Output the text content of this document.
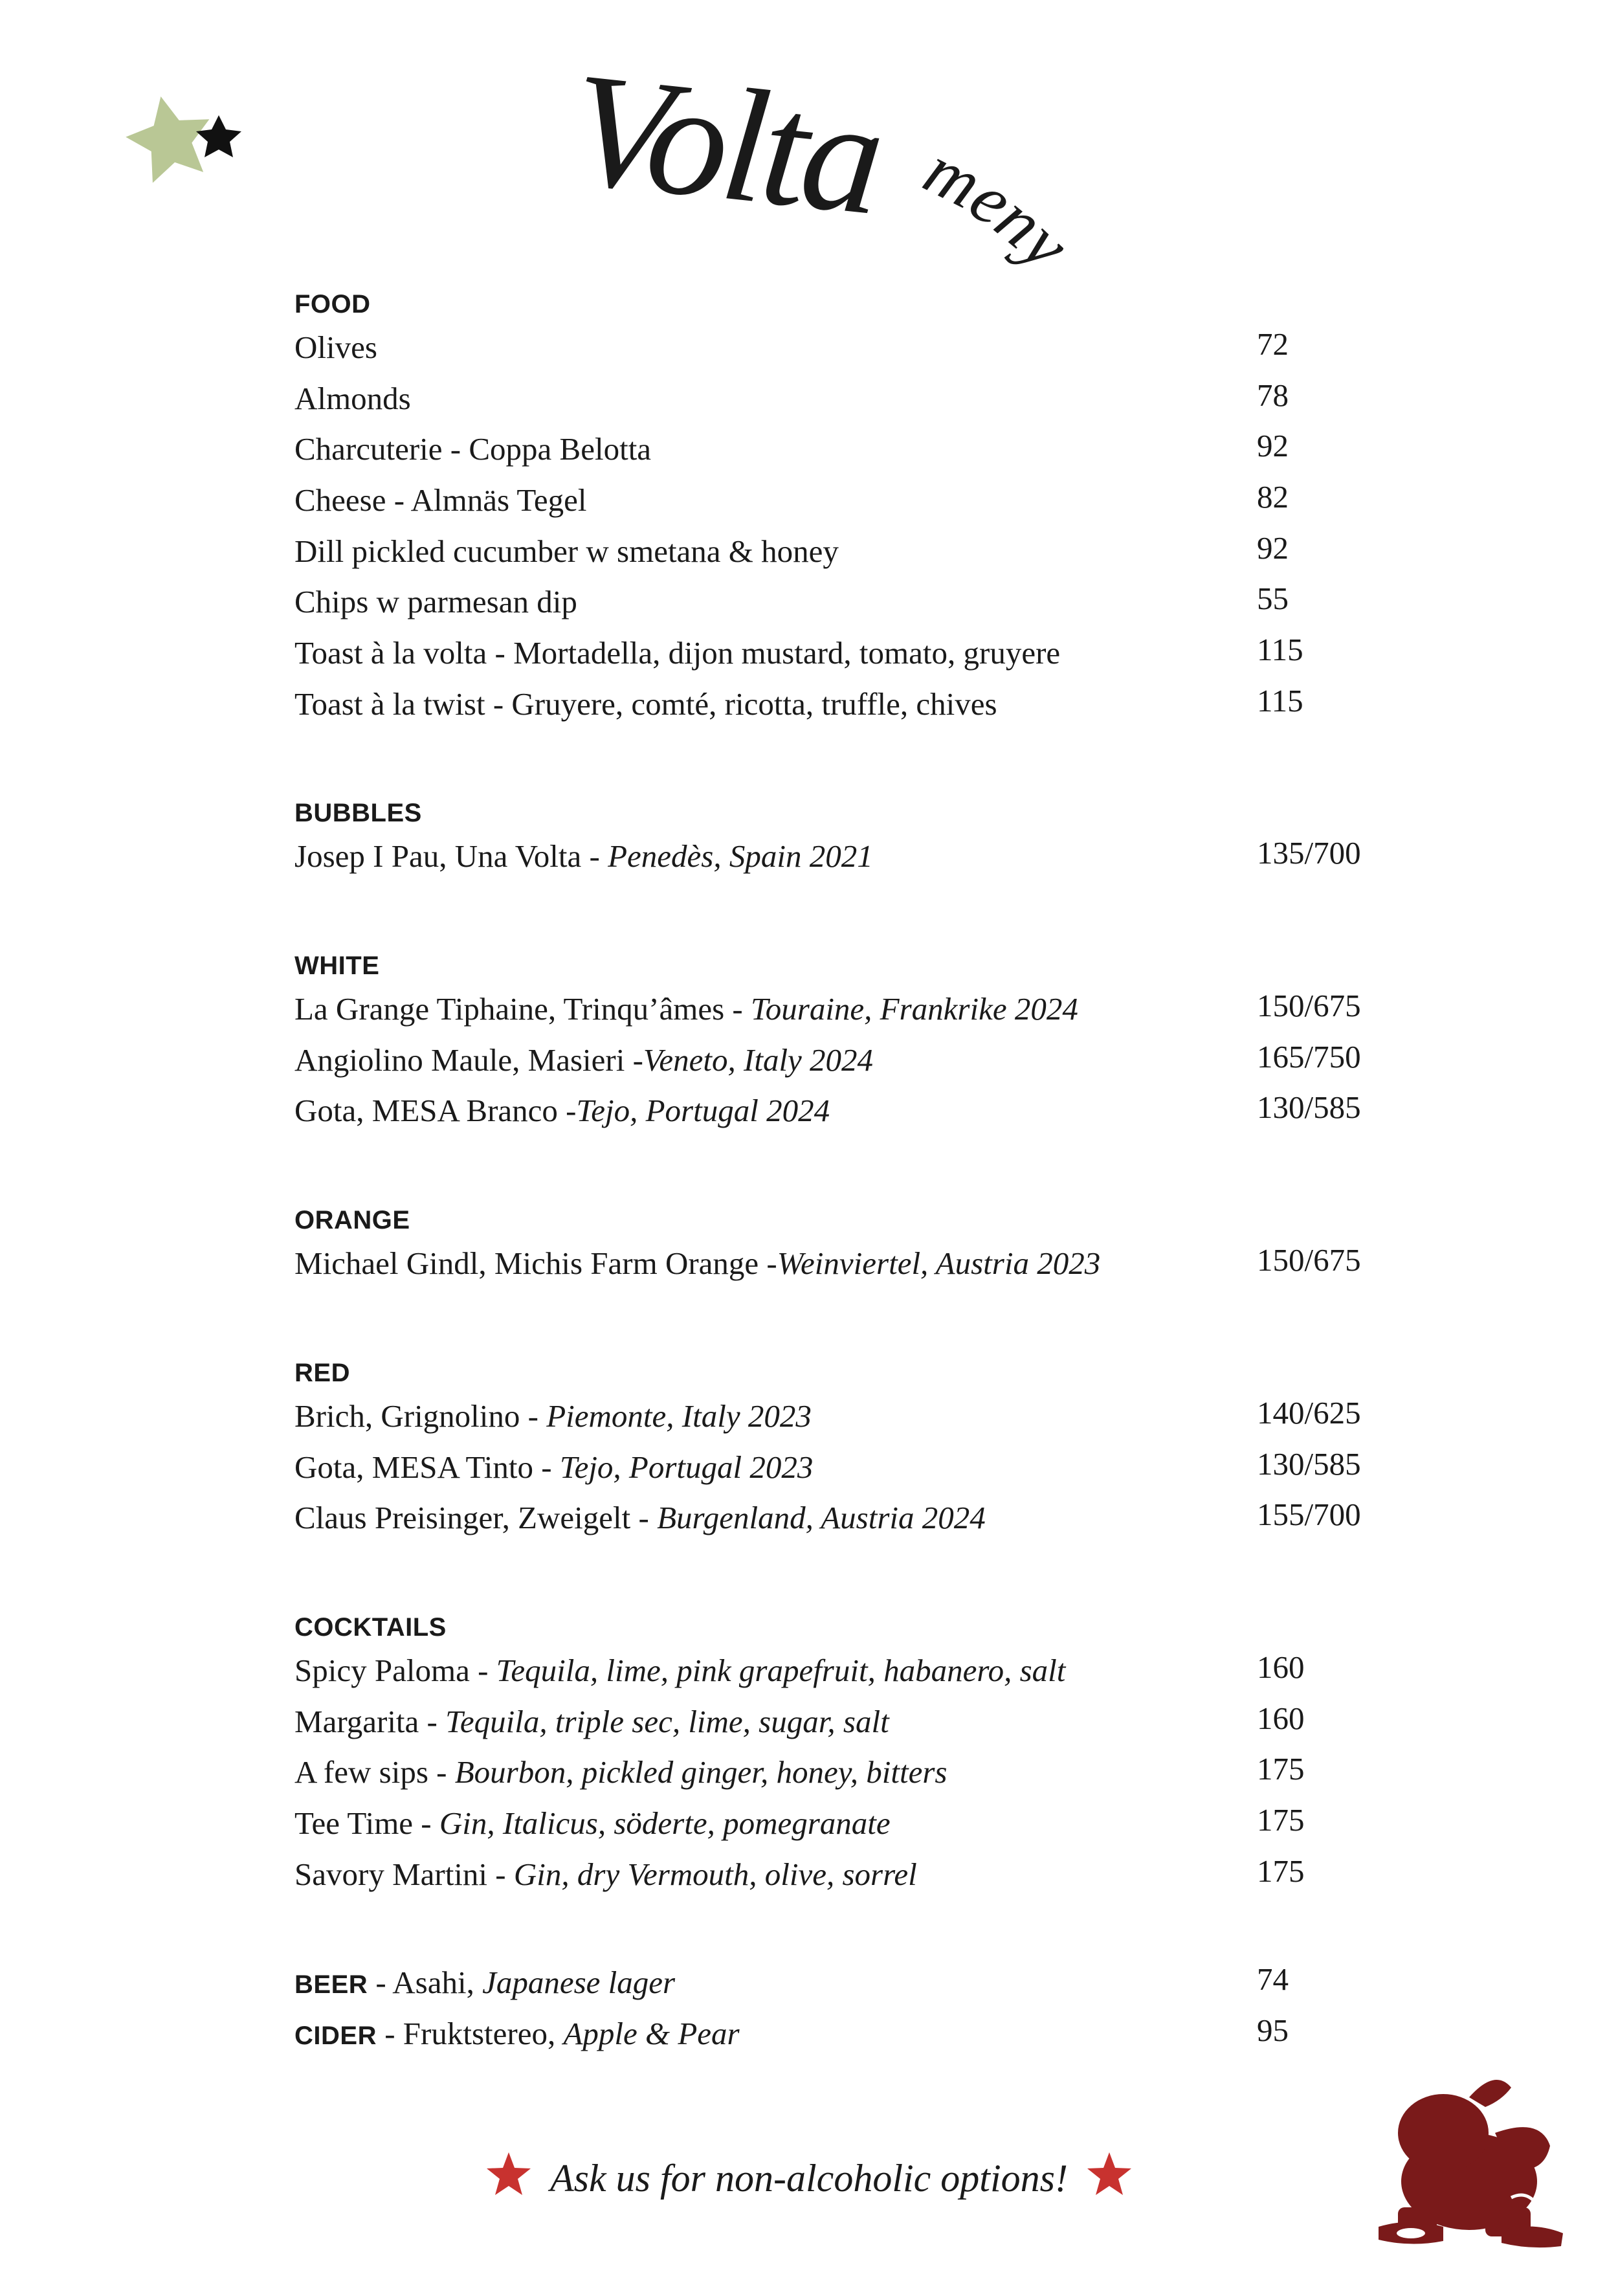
Volta meny
FOOD
Olives	72
Almonds	78
Charcuterie - Coppa Belotta	92
Cheese - Almnäs Tegel	82
Dill pickled cucumber w smetana & honey	92
Chips w parmesan dip	55
Toast à la volta - Mortadella, dijon mustard, tomato, gruyere	115
Toast à la twist - Gruyere, comté, ricotta, truffle, chives	115
BUBBLES
Josep I Pau, Una Volta - Penedès, Spain 2021	135/700
WHITE
La Grange Tiphaine, Trinqu’âmes - Touraine, Frankrike 2024	150/675
Angiolino Maule, Masieri -Veneto, Italy 2024	165/750
Gota, MESA Branco -Tejo, Portugal 2024	130/585
ORANGE
Michael Gindl, Michis Farm Orange -Weinviertel, Austria 2023	150/675
RED
Brich, Grignolino - Piemonte, Italy 2023	140/625
Gota, MESA Tinto - Tejo, Portugal 2023	130/585
Claus Preisinger, Zweigelt - Burgenland, Austria 2024	155/700
COCKTAILS
Spicy Paloma - Tequila, lime, pink grapefruit, habanero, salt	160
Margarita - Tequila, triple sec, lime, sugar, salt	160
A few sips - Bourbon, pickled ginger, honey, bitters	175
Tee Time - Gin, Italicus, söderte, pomegranate	175
Savory Martini - Gin, dry Vermouth, olive, sorrel	175
BEER - Asahi, Japanese lager	74
CIDER - Fruktstereo, Apple & Pear	95
Ask us for non-alcoholic options!
